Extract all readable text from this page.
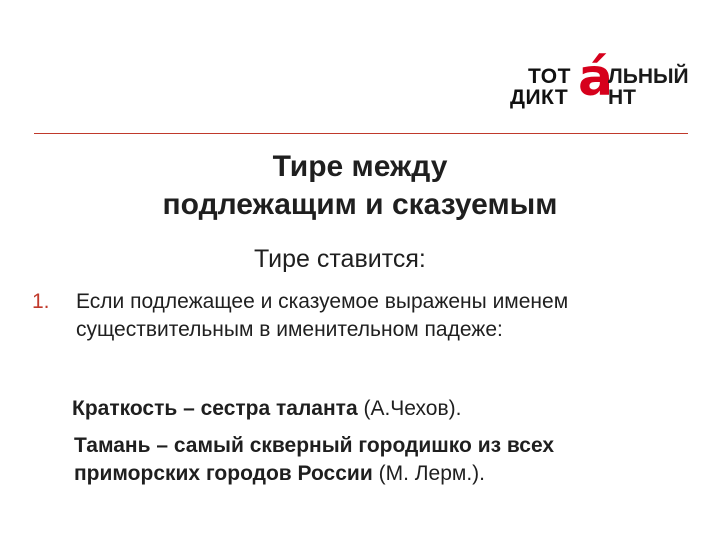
ТОТ á
ЛЬНЫЙ
ДИКТ НТ
Тире между
подлежащим и сказуемым
Тире ставится:
1. Если подлежащее и сказуемое выражены именем существительным в именительном падеже:
Краткость – сестра таланта (А.Чехов).
Тамань – самый скверный городишко из всех приморских городов России (М. Лерм.).
